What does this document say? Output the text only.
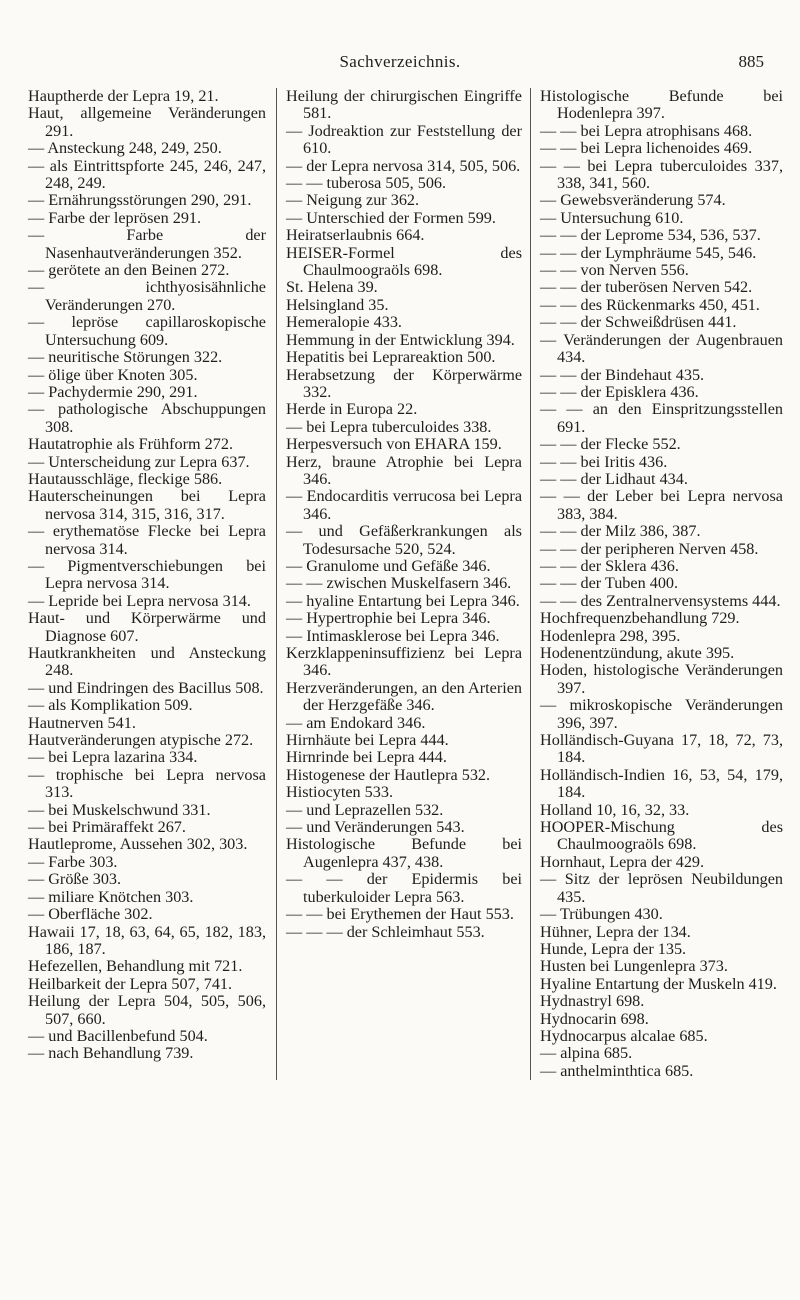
Sachverzeichnis.	885
Hauptherde der Lepra 19, 21.
Haut, allgemeine Veränderungen 291.
— Ansteckung 248, 249, 250.
— als Eintrittspforte 245, 246, 247, 248, 249.
— Ernährungsstörungen 290, 291.
— Farbe der leprösen 291.
— Farbe der Nasenhautveränderungen 352.
— gerötete an den Beinen 272.
— ichthyosisähnliche Veränderungen 270.
— lepröse capillaroskopische Untersuchung 609.
— neuritische Störungen 322.
— ölige über Knoten 305.
— Pachydermie 290, 291.
— pathologische Abschuppungen 308.
Hautatrophie als Frühform 272.
— Unterscheidung zur Lepra 637.
Hautausschläge, fleckige 586.
Hauterscheinungen bei Lepra nervosa 314, 315, 316, 317.
— erythematöse Flecke bei Lepra nervosa 314.
— Pigmentverschiebungen bei Lepra nervosa 314.
— Lepride bei Lepra nervosa 314.
Haut- und Körperwärme und Diagnose 607.
Hautkrankheiten und Ansteckung 248.
— und Eindringen des Bacillus 508.
— als Komplikation 509.
Hautnerven 541.
Hautveränderungen atypische 272.
— bei Lepra lazarina 334.
— trophische bei Lepra nervosa 313.
— bei Muskelschwund 331.
— bei Primäraffekt 267.
Hautleprome, Aussehen 302, 303.
— Farbe 303.
— Größe 303.
— miliare Knötchen 303.
— Oberfläche 302.
Hawaii 17, 18, 63, 64, 65, 182, 183, 186, 187.
Hefezellen, Behandlung mit 721.
Heilbarkeit der Lepra 507, 741.
Heilung der Lepra 504, 505, 506, 507, 660.
— und Bacillenbefund 504.
— nach Behandlung 739.
Heilung der chirurgischen Eingriffe 581.
— Jodreaktion zur Feststellung der 610.
— der Lepra nervosa 314, 505, 506.
— — tuberosa 505, 506.
— Neigung zur 362.
— Unterschied der Formen 599.
Heiratserlaubnis 664.
HEISER-Formel des Chaulmoograöls 698.
St. Helena 39.
Helsingland 35.
Hemeralopie 433.
Hemmung in der Entwicklung 394.
Hepatitis bei Leprareaktion 500.
Herabsetzung der Körperwärme 332.
Herde in Europa 22.
— bei Lepra tuberculoides 338.
Herpesversuch von EHARA 159.
Herz, braune Atrophie bei Lepra 346.
— Endocarditis verrucosa bei Lepra 346.
— und Gefäßerkrankungen als Todesursache 520, 524.
— Granulome und Gefäße 346.
— — zwischen Muskelfasern 346.
— hyaline Entartung bei Lepra 346.
— Hypertrophie bei Lepra 346.
— Intimasklerose bei Lepra 346.
Kerzklappeninsuffizienz bei Lepra 346.
Herzveränderungen, an den Arterien der Herzgefäße 346.
— am Endokard 346.
Hirnhäute bei Lepra 444.
Hirnrinde bei Lepra 444.
Histogenese der Hautlepra 532.
Histiocyten 533.
— und Leprazellen 532.
— und Veränderungen 543.
Histologische Befunde bei Augenlepra 437, 438.
— — der Epidermis bei tuberkuloider Lepra 563.
— — bei Erythemen der Haut 553.
— — — der Schleimhaut 553.
Histologische Befunde bei Hodenlepra 397.
— — bei Lepra atrophisans 468.
— — bei Lepra lichenoides 469.
— — bei Lepra tuberculoides 337, 338, 341, 560.
— Gewebsveränderung 574.
— Untersuchung 610.
— — der Leprome 534, 536, 537.
— — der Lymphräume 545, 546.
— — von Nerven 556.
— — der tuberösen Nerven 542.
— — des Rückenmarks 450, 451.
— — der Schweißdrüsen 441.
— Veränderungen der Augenbrauen 434.
— — der Bindehaut 435.
— — der Episklera 436.
— — an den Einspritzungsstellen 691.
— — der Flecke 552.
— — bei Iritis 436.
— — der Lidhaut 434.
— — der Leber bei Lepra nervosa 383, 384.
— — der Milz 386, 387.
— — der peripheren Nerven 458.
— — der Sklera 436.
— — der Tuben 400.
— — des Zentralnervensystems 444.
Hochfrequenzbehandlung 729.
Hodenlepra 298, 395.
Hodenentzündung, akute 395.
Hoden, histologische Veränderungen 397.
— mikroskopische Veränderungen 396, 397.
Holländisch-Guyana 17, 18, 72, 73, 184.
Holländisch-Indien 16, 53, 54, 179, 184.
Holland 10, 16, 32, 33.
HOOPER-Mischung des Chaulmoograöls 698.
Hornhaut, Lepra der 429.
— Sitz der leprösen Neubildungen 435.
— Trübungen 430.
Hühner, Lepra der 134.
Hunde, Lepra der 135.
Husten bei Lungenlepra 373.
Hyaline Entartung der Muskeln 419.
Hydnastryl 698.
Hydnocarin 698.
Hydnocarpus alcalae 685.
— alpina 685.
— anthelminthtica 685.
